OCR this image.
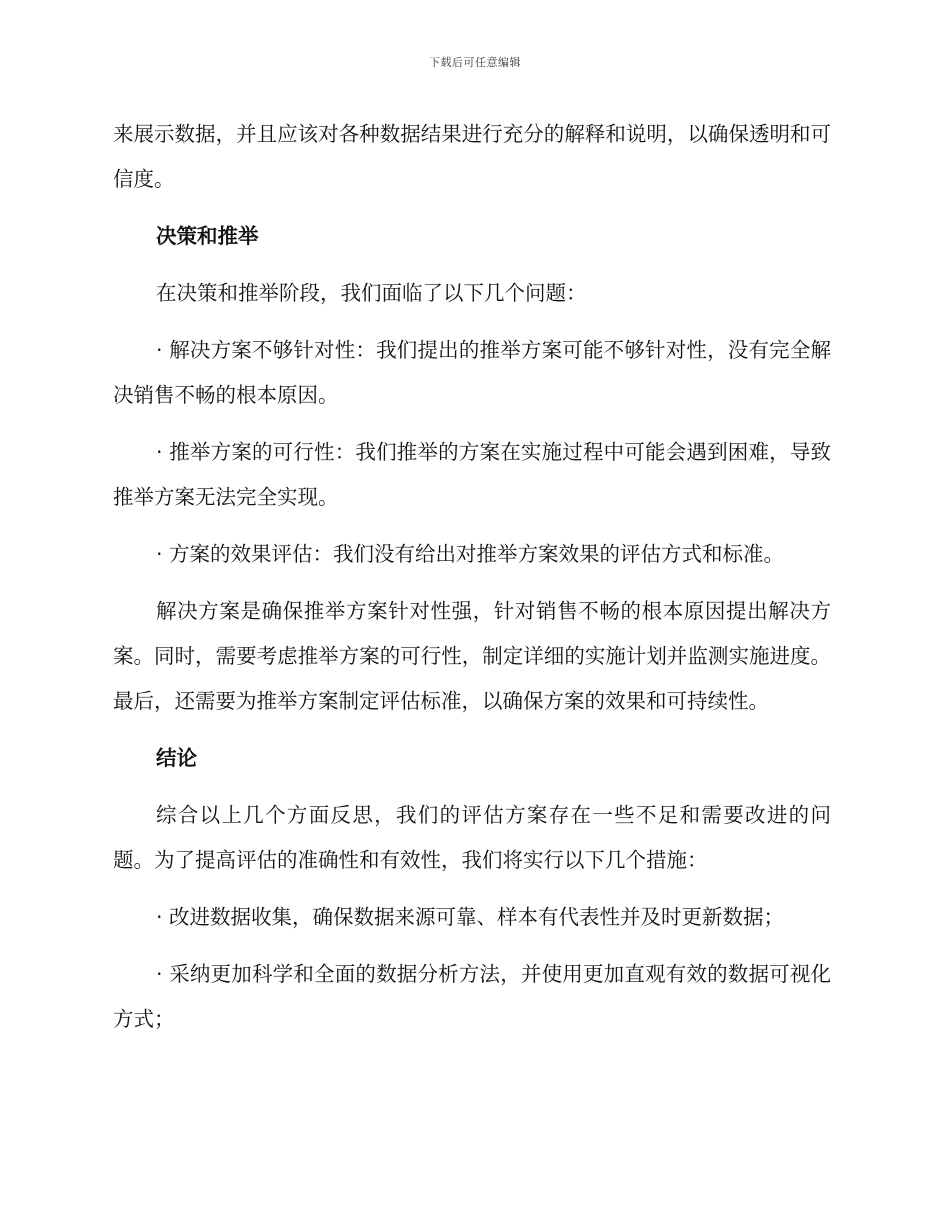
下载后可任意编辑

来展示数据，并且应该对各种数据结果进行充分的解释和说明，以确保透明和可信度。

决策和推举

在决策和推举阶段，我们面临了以下几个问题：

· 解决方案不够针对性：我们提出的推举方案可能不够针对性，没有完全解决销售不畅的根本原因。

· 推举方案的可行性：我们推举的方案在实施过程中可能会遇到困难，导致推举方案无法完全实现。

· 方案的效果评估：我们没有给出对推举方案效果的评估方式和标准。

解决方案是确保推举方案针对性强，针对销售不畅的根本原因提出解决方案。同时，需要考虑推举方案的可行性，制定详细的实施计划并监测实施进度。最后，还需要为推举方案制定评估标准，以确保方案的效果和可持续性。

结论

综合以上几个方面反思，我们的评估方案存在一些不足和需要改进的问题。为了提高评估的准确性和有效性，我们将实行以下几个措施：

· 改进数据收集，确保数据来源可靠、样本有代表性并及时更新数据；

· 采纳更加科学和全面的数据分析方法，并使用更加直观有效的数据可视化方式；
